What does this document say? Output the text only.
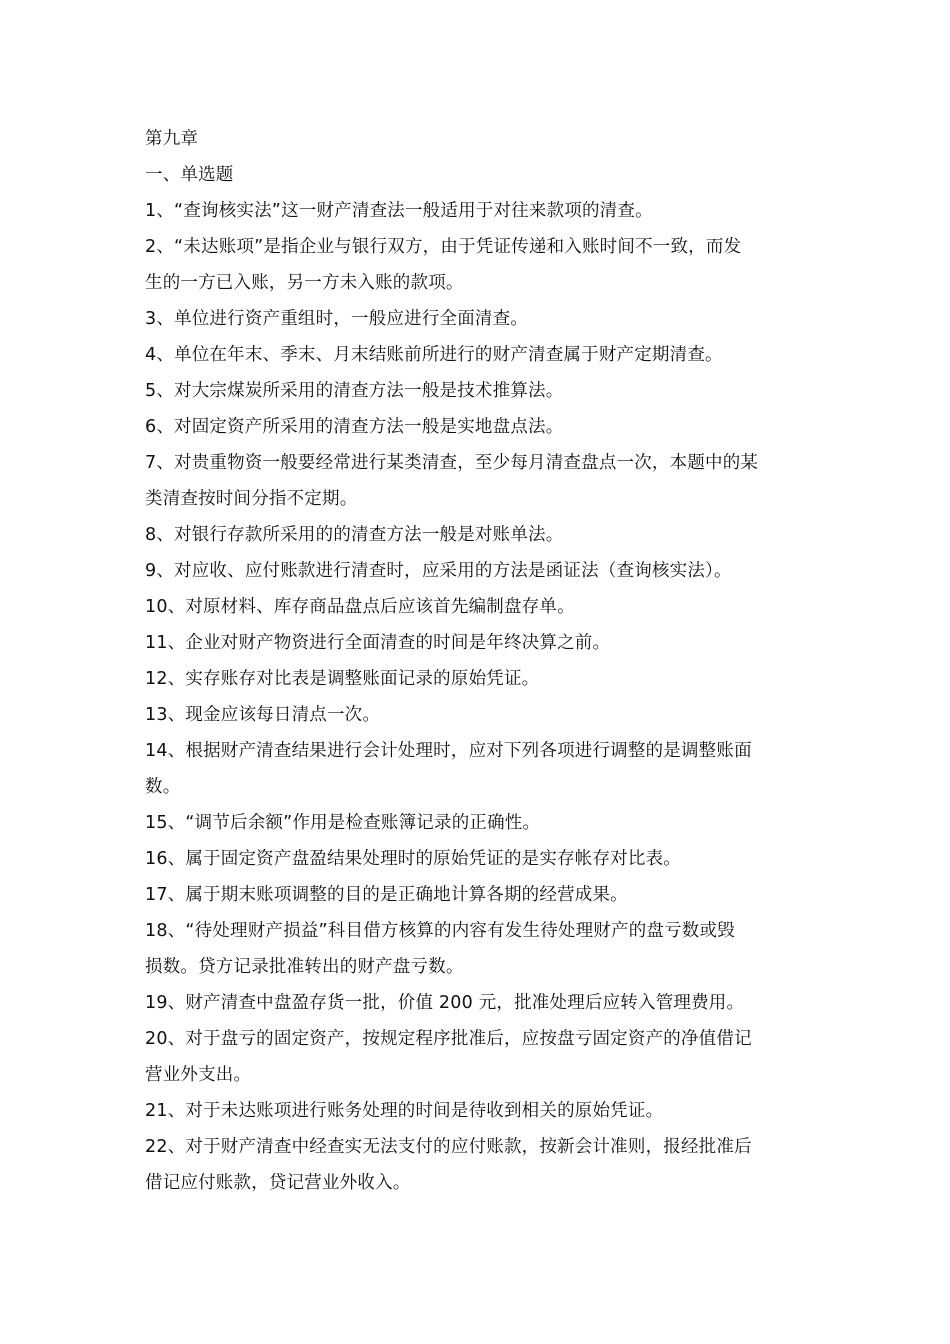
第九章
一、单选题
1、“查询核实法”这一财产清查法一般适用于对往来款项的清查。
2、“未达账项”是指企业与银行双方，由于凭证传递和入账时间不一致，而发
生的一方已入账，另一方未入账的款项。
3、单位进行资产重组时，一般应进行全面清查。
4、单位在年末、季末、月末结账前所进行的财产清查属于财产定期清查。
5、对大宗煤炭所采用的清查方法一般是技术推算法。
6、对固定资产所采用的清查方法一般是实地盘点法。
7、对贵重物资一般要经常进行某类清查，至少每月清查盘点一次，本题中的某
类清查按时间分指不定期。
8、对银行存款所采用的的清查方法一般是对账单法。
9、对应收、应付账款进行清查时，应采用的方法是函证法（查询核实法）。
10、对原材料、库存商品盘点后应该首先编制盘存单。
11、企业对财产物资进行全面清查的时间是年终决算之前。
12、实存账存对比表是调整账面记录的原始凭证。
13、现金应该每日清点一次。
14、根据财产清查结果进行会计处理时，应对下列各项进行调整的是调整账面
数。
15、“调节后余额”作用是检查账簿记录的正确性。
16、属于固定资产盘盈结果处理时的原始凭证的是实存帐存对比表。
17、属于期末账项调整的目的是正确地计算各期的经营成果。
18、“待处理财产损益”科目借方核算的内容有发生待处理财产的盘亏数或毁
损数。贷方记录批准转出的财产盘亏数。
19、财产清查中盘盈存货一批，价值 200 元，批准处理后应转入管理费用。
20、对于盘亏的固定资产，按规定程序批准后，应按盘亏固定资产的净值借记
营业外支出。
21、对于未达账项进行账务处理的时间是待收到相关的原始凭证。
22、对于财产清查中经查实无法支付的应付账款，按新会计准则，报经批准后
借记应付账款，贷记营业外收入。
